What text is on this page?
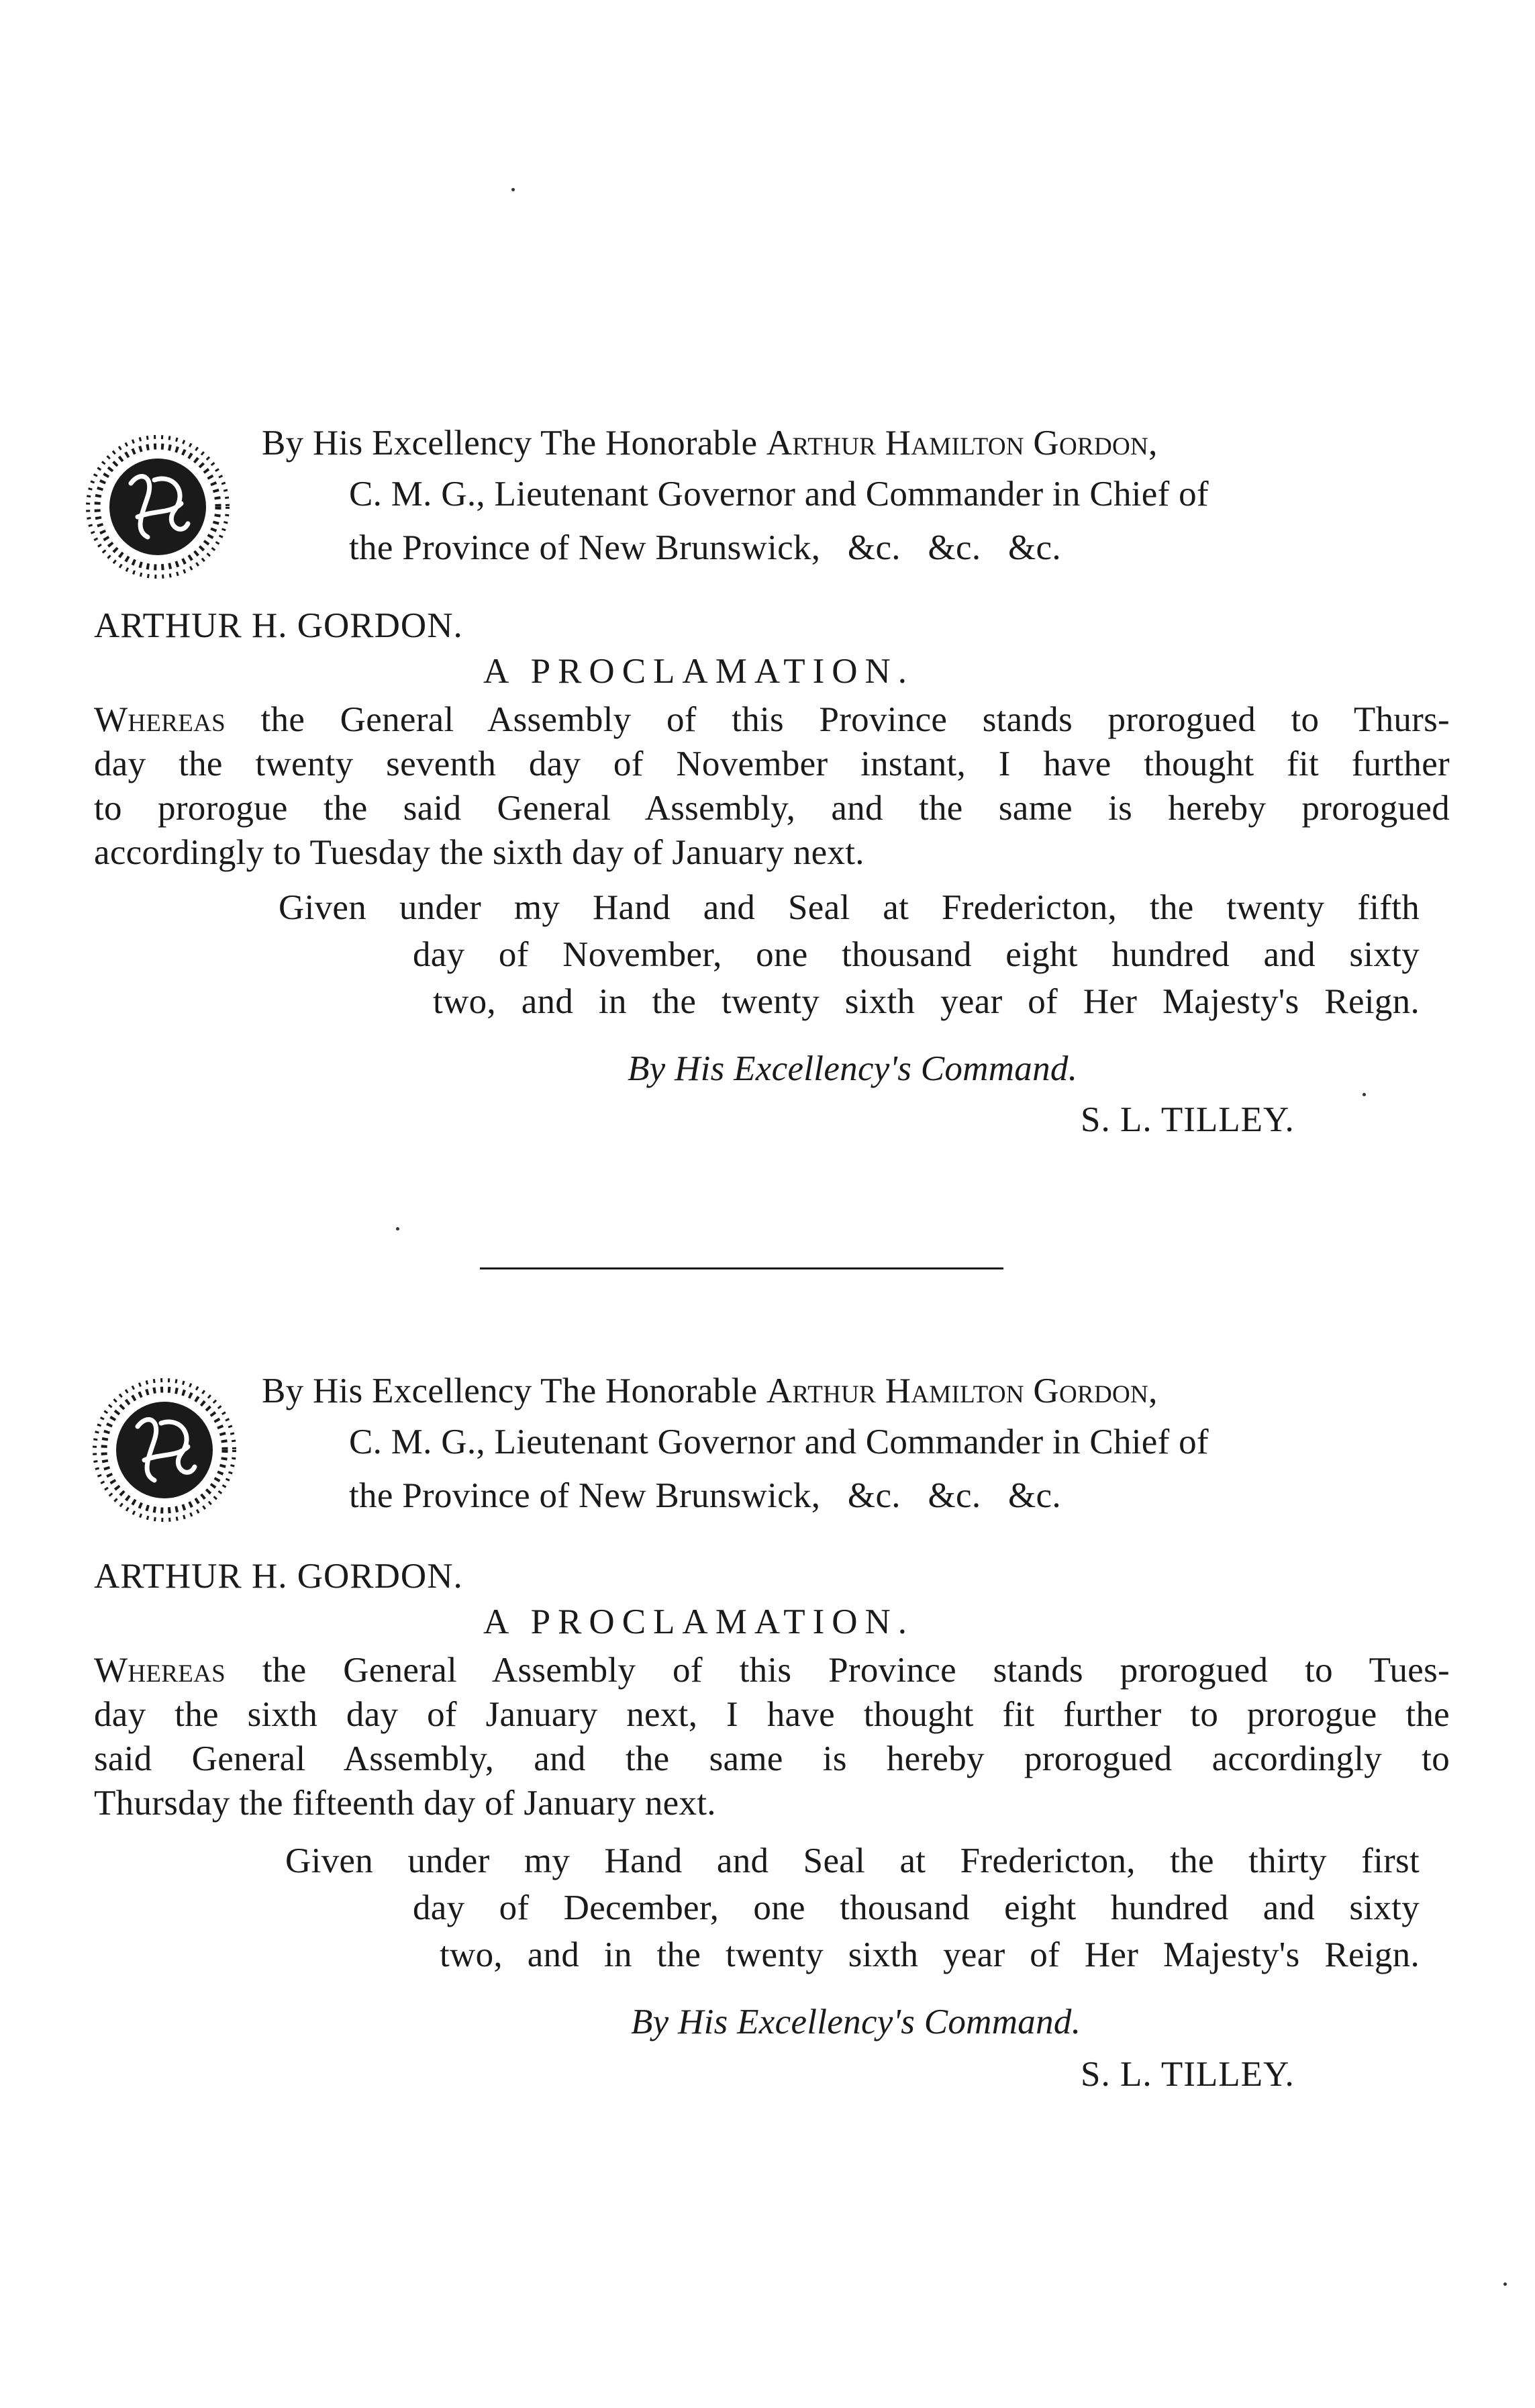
By His Excellency The Honorable Arthur Hamilton Gordon,
C. M. G., Lieutenant Governor and Commander in Chief of
the Province of New Brunswick,   &c.   &c.   &c.
ARTHUR H. GORDON.
A PROCLAMATION.
Whereas the General Assembly of this Province stands prorogued to Thurs-
day the twenty seventh day of November instant, I have thought fit further
to prorogue the said General Assembly, and the same is hereby prorogued
accordingly to Tuesday the sixth day of January next.
Given under my Hand and Seal at Fredericton, the twenty fifth
day of November, one thousand eight hundred and sixty
two, and in the twenty sixth year of Her Majesty's Reign.
By His Excellency's Command.
S. L. TILLEY.
By His Excellency The Honorable Arthur Hamilton Gordon,
C. M. G., Lieutenant Governor and Commander in Chief of
the Province of New Brunswick,   &c.   &c.   &c.
ARTHUR H. GORDON.
A PROCLAMATION.
Whereas the General Assembly of this Province stands prorogued to Tues-
day the sixth day of January next, I have thought fit further to prorogue the
said General Assembly, and the same is hereby prorogued accordingly to
Thursday the fifteenth day of January next.
Given under my Hand and Seal at Fredericton, the thirty first
day of December, one thousand eight hundred and sixty
two, and in the twenty sixth year of Her Majesty's Reign.
By His Excellency's Command.
S. L. TILLEY.
